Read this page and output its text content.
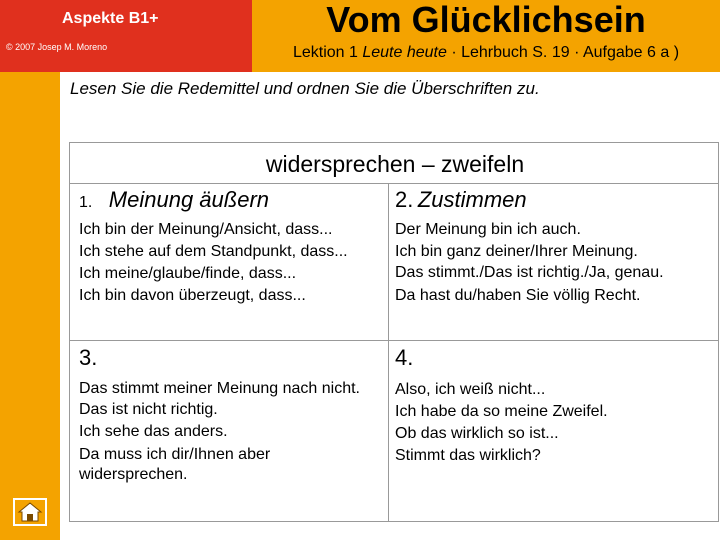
Aspekte B1+
© 2007 Josep M. Moreno
Vom Glücklichsein
Lektion 1 Leute heute · Lehrbuch S. 19 · Aufgabe 6 a )
Lesen Sie die Redemittel und ordnen Sie die Überschriften zu.
widersprechen – zweifeln
1. Meinung äußern	2. Zustimmen
Ich bin der Meinung/Ansicht, dass...
Ich stehe auf dem Standpunkt, dass...
Ich meine/glaube/finde, dass...
Ich bin davon überzeugt, dass...
Der Meinung bin ich auch.
Ich bin ganz deiner/Ihrer Meinung.
Das stimmt./Das ist richtig./Ja, genau.
Da hast du/haben Sie völlig Recht.
3.	4.
Das stimmt meiner Meinung nach nicht.
Das ist nicht richtig.
Ich sehe das anders.
Da muss ich dir/Ihnen aber widersprechen.
Also, ich weiß nicht...
Ich habe da so meine Zweifel.
Ob das wirklich so ist...
Stimmt das wirklich?
